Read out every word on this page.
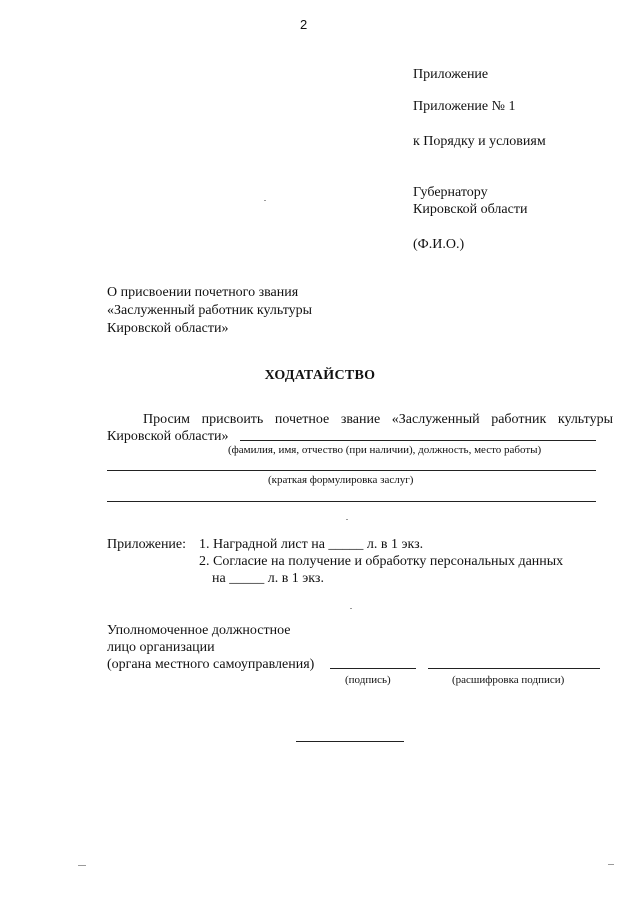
2
Приложение
Приложение № 1
к Порядку и условиям
Губернатору
Кировской области
(Ф.И.О.)
О присвоении почетного звания
«Заслуженный работник культуры
Кировской области»
ХОДАТАЙСТВО
Просим присвоить почетное звание «Заслуженный работник культуры
Кировской области»
(фамилия, имя, отчество (при наличии), должность, место работы)
(краткая формулировка заслуг)
Приложение: 1. Наградной лист на _____ л. в 1 экз.
2. Согласие на получение и обработку персональных данных
на _____ л. в 1 экз.
Уполномоченное должностное
лицо организации
(органа местного самоуправления)
(подпись)	(расшифровка подписи)
